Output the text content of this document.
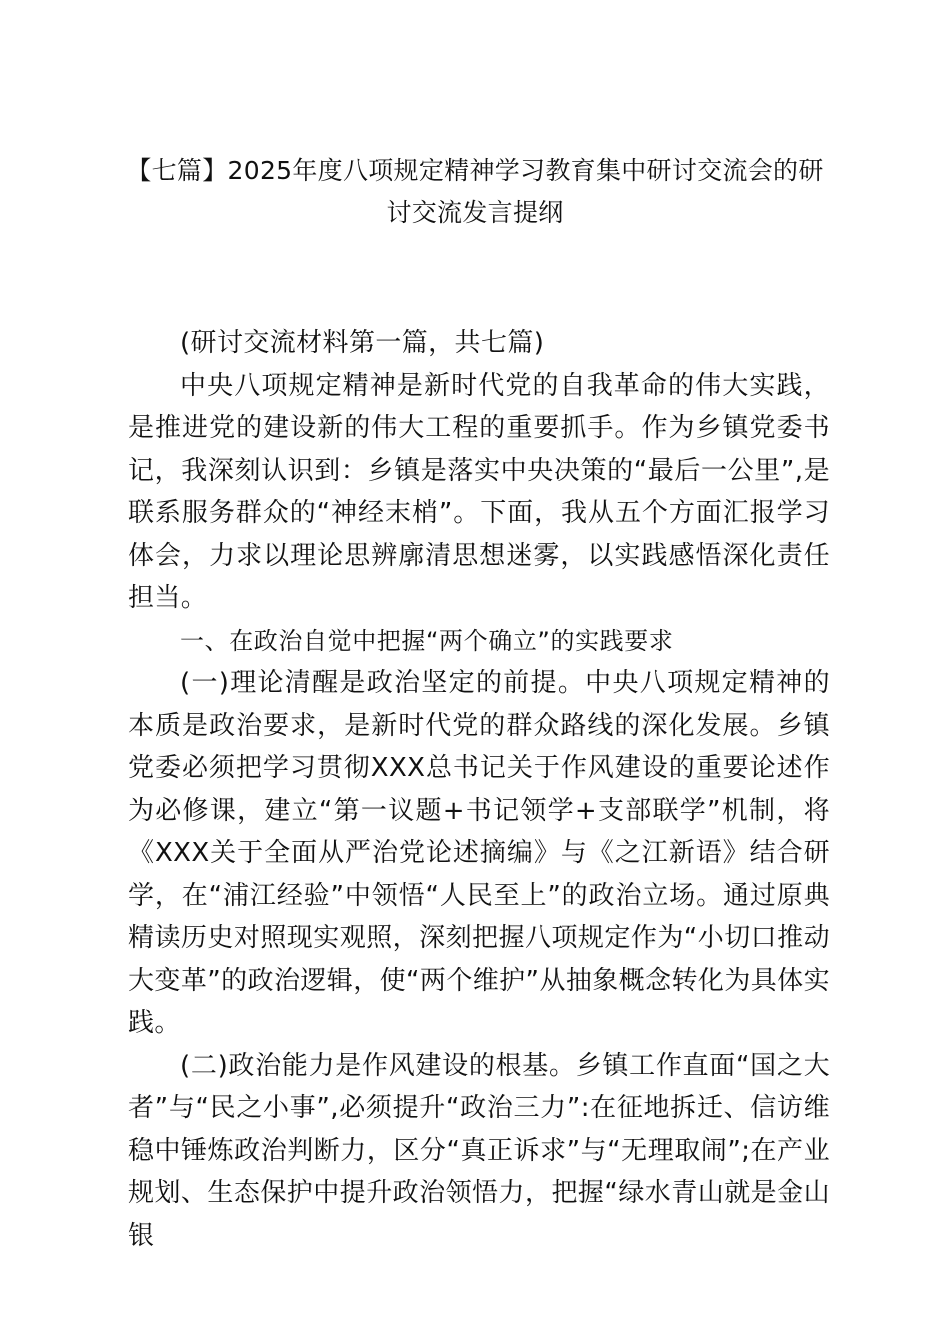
【七篇】2025年度八项规定精神学习教育集中研讨交流会的研讨交流发言提纲

(研讨交流材料第一篇，共七篇)

中央八项规定精神是新时代党的自我革命的伟大实践，是推进党的建设新的伟大工程的重要抓手。作为乡镇党委书记，我深刻认识到：乡镇是落实中央决策的“最后一公里”,是联系服务群众的“神经末梢”。下面，我从五个方面汇报学习体会，力求以理论思辨廓清思想迷雾，以实践感悟深化责任担当。

一、在政治自觉中把握“两个确立”的实践要求

(一)理论清醒是政治坚定的前提。中央八项规定精神的本质是政治要求，是新时代党的群众路线的深化发展。乡镇党委必须把学习贯彻XXX总书记关于作风建设的重要论述作为必修课，建立“第一议题+书记领学+支部联学”机制，将《XXX关于全面从严治党论述摘编》与《之江新语》结合研学，在“浦江经验”中领悟“人民至上”的政治立场。通过原典精读历史对照现实观照，深刻把握八项规定作为“小切口推动大变革”的政治逻辑，使“两个维护”从抽象概念转化为具体实践。

(二)政治能力是作风建设的根基。乡镇工作直面“国之大者”与“民之小事”,必须提升“政治三力”:在征地拆迁、信访维稳中锤炼政治判断力，区分“真正诉求”与“无理取闹”;在产业规划、生态保护中提升政治领悟力，把握“绿水青山就是金山银
